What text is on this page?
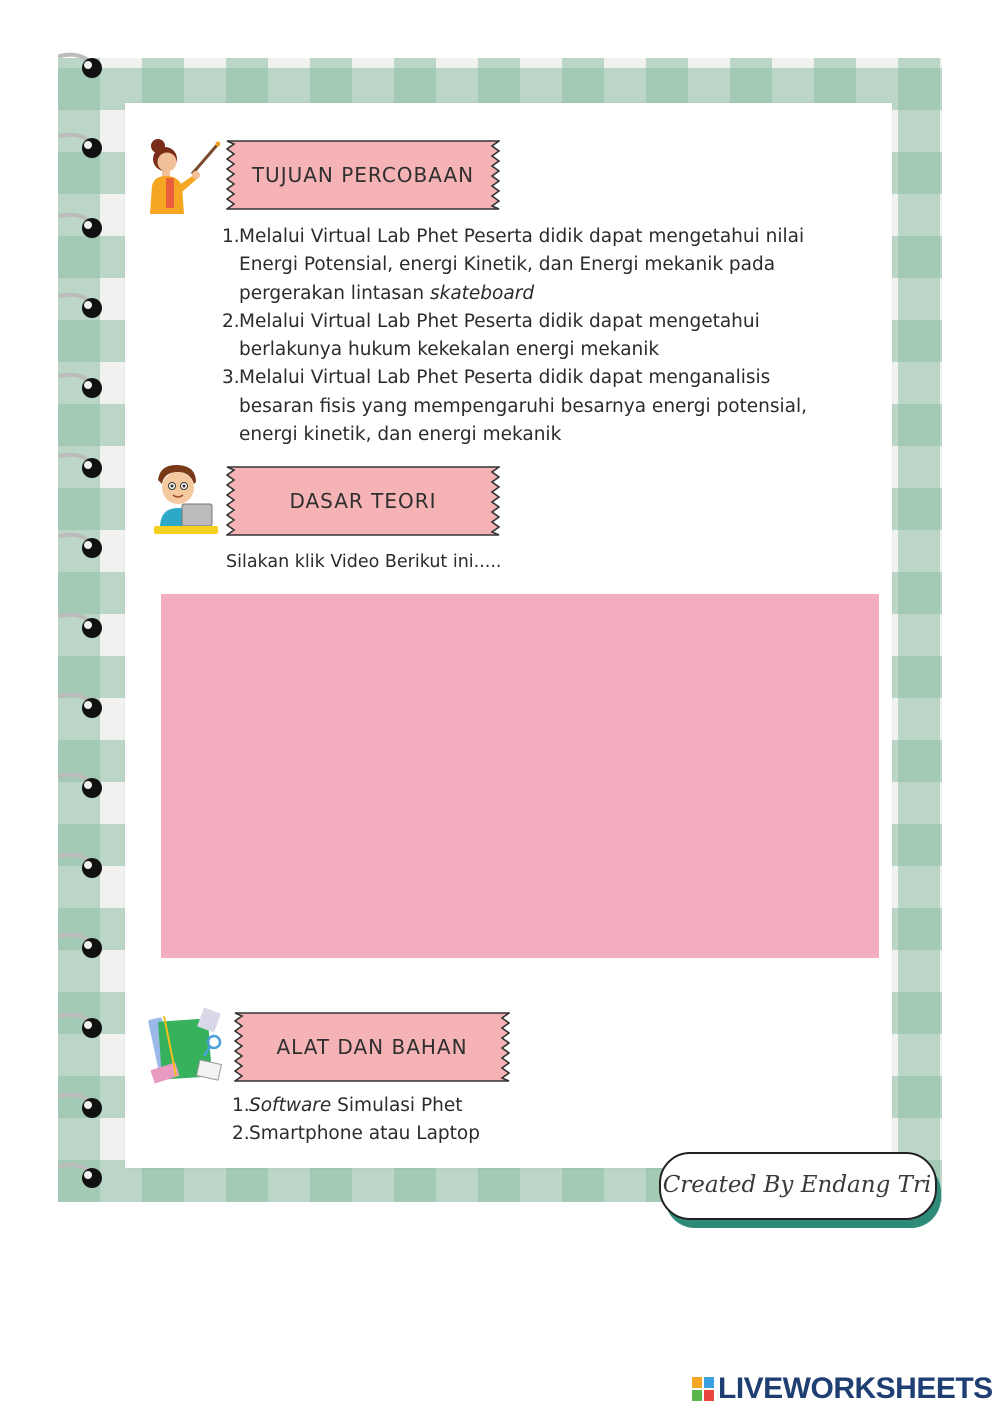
TUJUAN PERCOBAAN
1. Melalui Virtual Lab Phet Peserta didik dapat mengetahui nilai
Energi Potensial, energi Kinetik, dan Energi mekanik pada
pergerakan lintasan skateboard
2. Melalui Virtual Lab Phet Peserta didik dapat mengetahui
berlakunya hukum kekekalan energi mekanik
3. Melalui Virtual Lab Phet Peserta didik dapat menganalisis
besaran fisis yang mempengaruhi besarnya energi potensial,
energi kinetik, dan energi mekanik
DASAR TEORI
Silakan klik Video Berikut ini.....
ALAT DAN BAHAN
1. Software Simulasi Phet
2. Smartphone atau Laptop
Created By Endang Tri
LIVEWORKSHEETS
